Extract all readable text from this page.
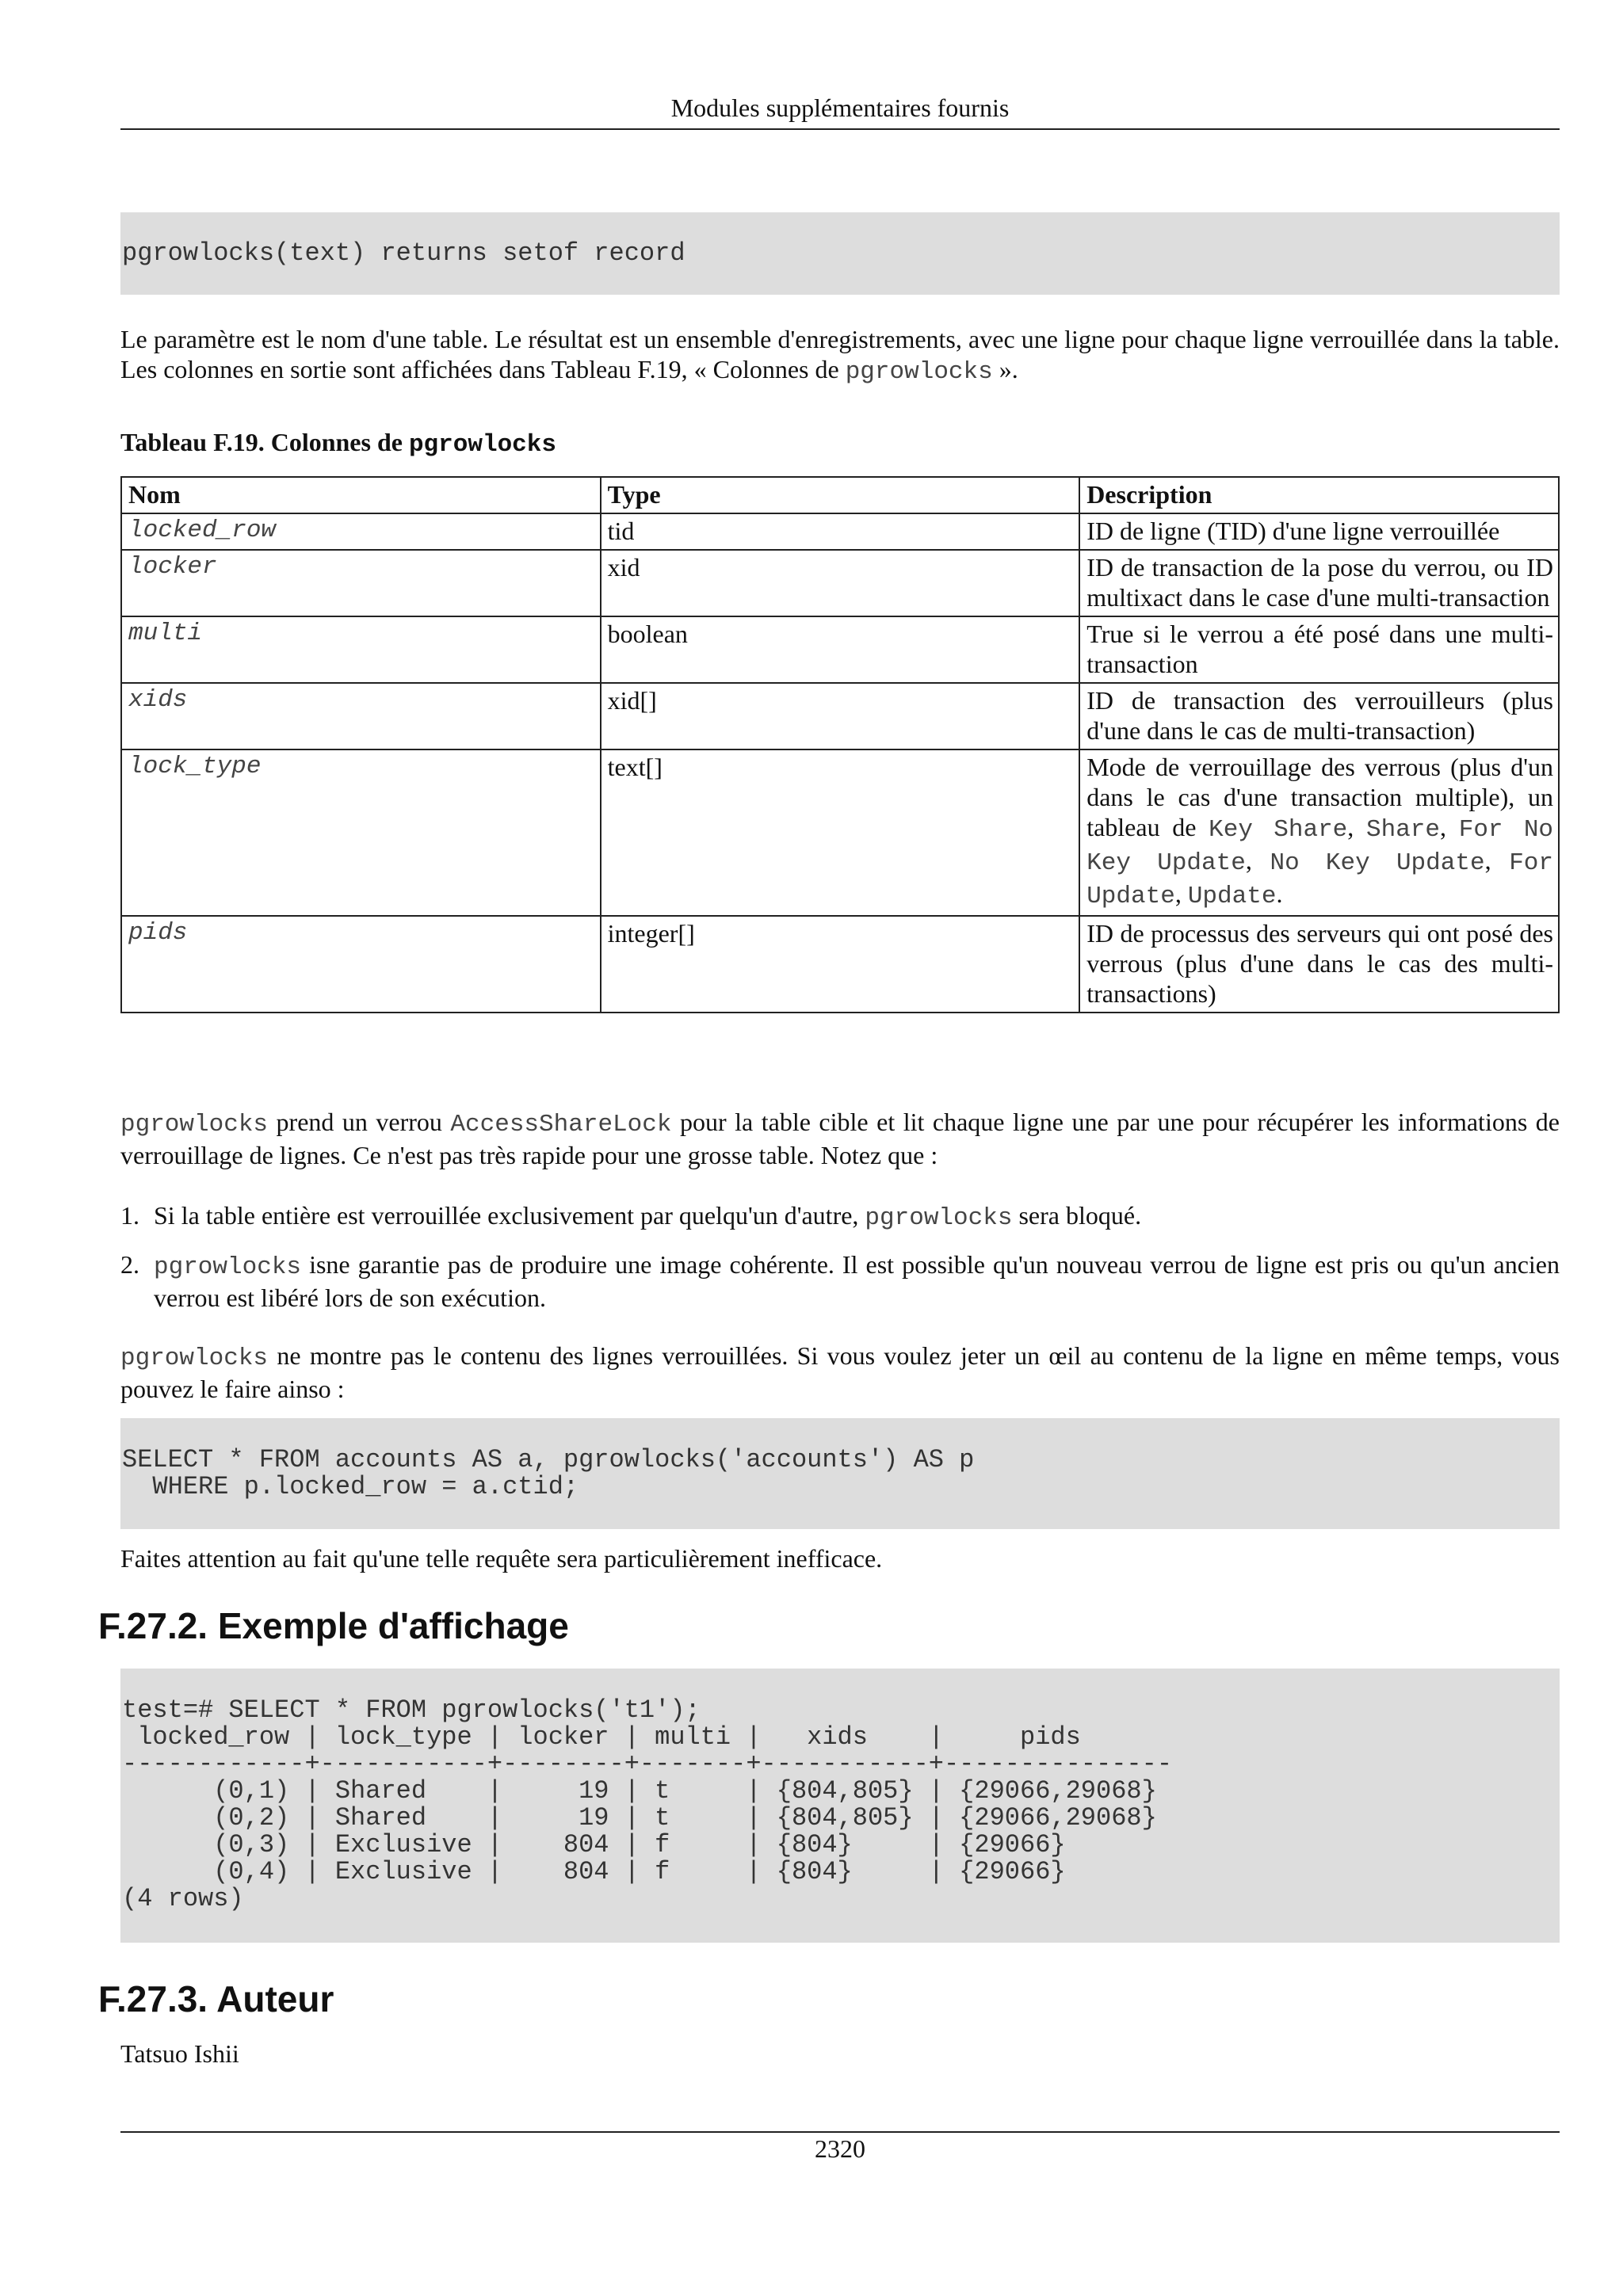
Modules supplémentaires fournis
pgrowlocks(text) returns setof record
Le paramètre est le nom d'une table. Le résultat est un ensemble d'enregistrements, avec une ligne pour chaque ligne verrouillée dans la table. Les colonnes en sortie sont affichées dans Tableau F.19, « Colonnes de pgrowlocks ».
Tableau F.19. Colonnes de pgrowlocks
Nom	Type	Description
locked_row	tid	ID de ligne (TID) d'une ligne verrouillée
locker	xid	ID de transaction de la pose du verrou, ou ID multixact dans le case d'une multi-transaction
multi	boolean	True si le verrou a été posé dans une multi-transaction
xids	xid[]	ID de transaction des verrouilleurs (plus d'une dans le cas de multi-transaction)
lock_type	text[]	Mode de verrouillage des verrous (plus d'un dans le cas d'une transaction multiple), un tableau de Key Share, Share, For No Key Update, No Key Update, For Update, Update.
pids	integer[]	ID de processus des serveurs qui ont posé des verrous (plus d'une dans le cas des multi-transactions)
pgrowlocks prend un verrou AccessShareLock pour la table cible et lit chaque ligne une par une pour récupérer les informations de verrouillage de lignes. Ce n'est pas très rapide pour une grosse table. Notez que :
1. Si la table entière est verrouillée exclusivement par quelqu'un d'autre, pgrowlocks sera bloqué.
2. pgrowlocks isne garantie pas de produire une image cohérente. Il est possible qu'un nouveau verrou de ligne est pris ou qu'un ancien verrou est libéré lors de son exécution.
pgrowlocks ne montre pas le contenu des lignes verrouillées. Si vous voulez jeter un œil au contenu de la ligne en même temps, vous pouvez le faire ainso :
SELECT * FROM accounts AS a, pgrowlocks('accounts') AS p
WHERE p.locked_row = a.ctid;
Faites attention au fait qu'une telle requête sera particulièrement inefficace.
F.27.2. Exemple d'affichage
test=# SELECT * FROM pgrowlocks('t1');
locked_row | lock_type | locker | multi |   xids    |     pids
------------+-----------+--------+-------+-----------+---------------
(0,1) | Shared    |     19 | t     | {804,805} | {29066,29068}
(0,2) | Shared    |     19 | t     | {804,805} | {29066,29068}
(0,3) | Exclusive |    804 | f     | {804}     | {29066}
(0,4) | Exclusive |    804 | f     | {804}     | {29066}
(4 rows)
F.27.3. Auteur
Tatsuo Ishii
2320
